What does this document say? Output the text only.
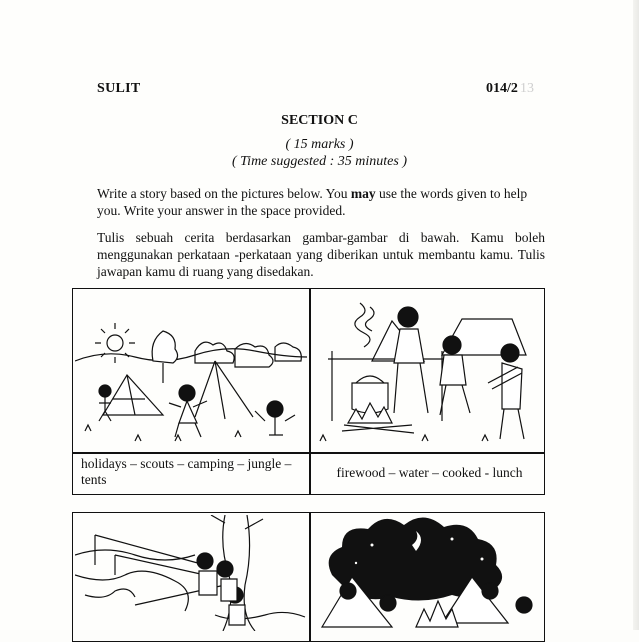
SULIT	014/2 13
SECTION C
( 15 marks )
( Time suggested : 35 minutes )
Write a story based on the pictures below. You may use the words given to help you. Write your answer in the space provided.
Tulis sebuah cerita berdasarkan gambar-gambar di bawah. Kamu boleh menggunakan perkataan -perkataan yang diberikan untuk membantu kamu. Tulis jawapan kamu di ruang yang disedakan.
holidays – scouts – camping – jungle – tents	firewood – water – cooked - lunch
